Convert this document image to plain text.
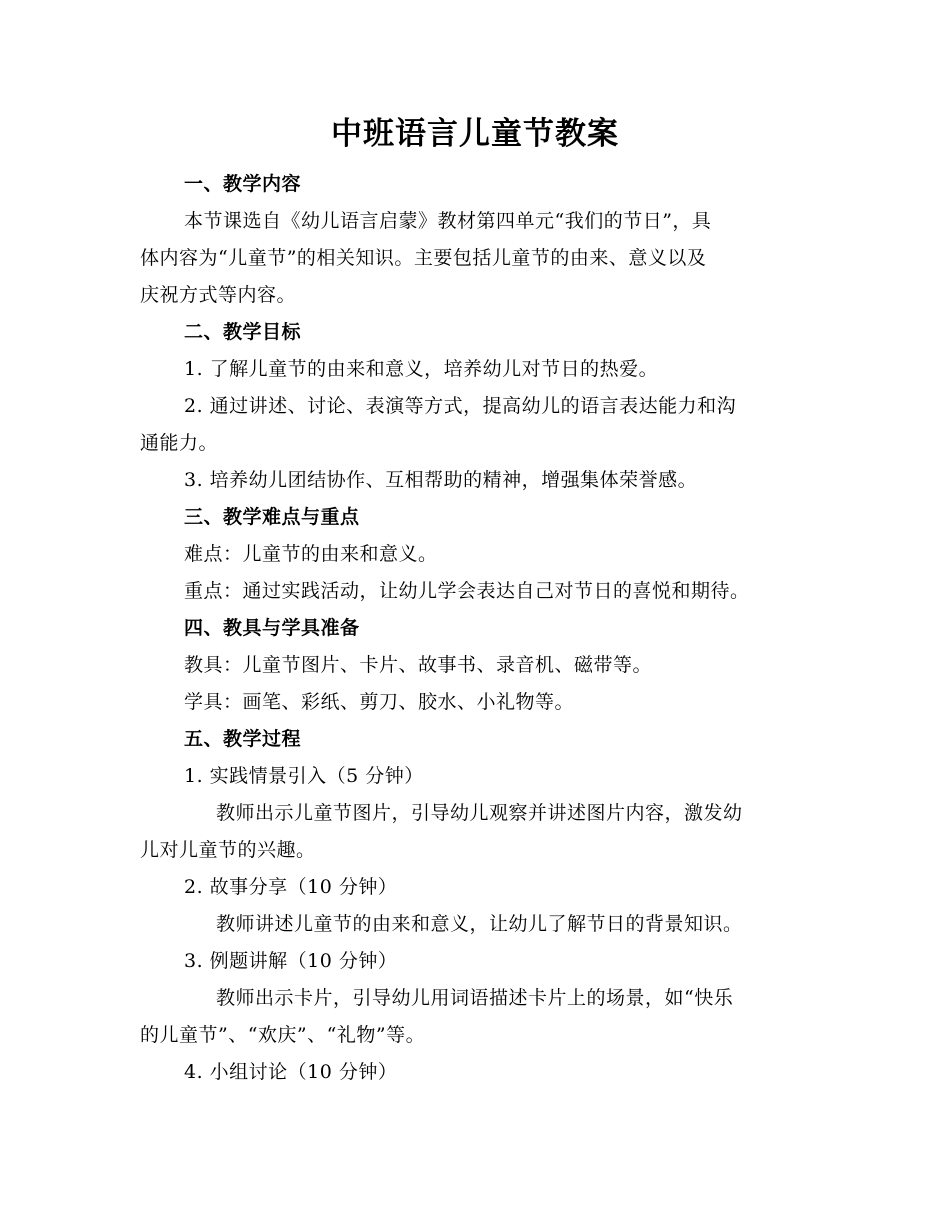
中班语言儿童节教案
一、教学内容
本节课选自《幼儿语言启蒙》教材第四单元“我们的节日”，具
体内容为“儿童节”的相关知识。主要包括儿童节的由来、意义以及
庆祝方式等内容。
二、教学目标
1. 了解儿童节的由来和意义，培养幼儿对节日的热爱。
2. 通过讲述、讨论、表演等方式，提高幼儿的语言表达能力和沟
通能力。
3. 培养幼儿团结协作、互相帮助的精神，增强集体荣誉感。
三、教学难点与重点
难点：儿童节的由来和意义。
重点：通过实践活动，让幼儿学会表达自己对节日的喜悦和期待。
四、教具与学具准备
教具：儿童节图片、卡片、故事书、录音机、磁带等。
学具：画笔、彩纸、剪刀、胶水、小礼物等。
五、教学过程
1. 实践情景引入（5 分钟）
教师出示儿童节图片，引导幼儿观察并讲述图片内容，激发幼
儿对儿童节的兴趣。
2. 故事分享（10 分钟）
教师讲述儿童节的由来和意义，让幼儿了解节日的背景知识。
3. 例题讲解（10 分钟）
教师出示卡片，引导幼儿用词语描述卡片上的场景，如“快乐
的儿童节”、“欢庆”、“礼物”等。
4. 小组讨论（10 分钟）
